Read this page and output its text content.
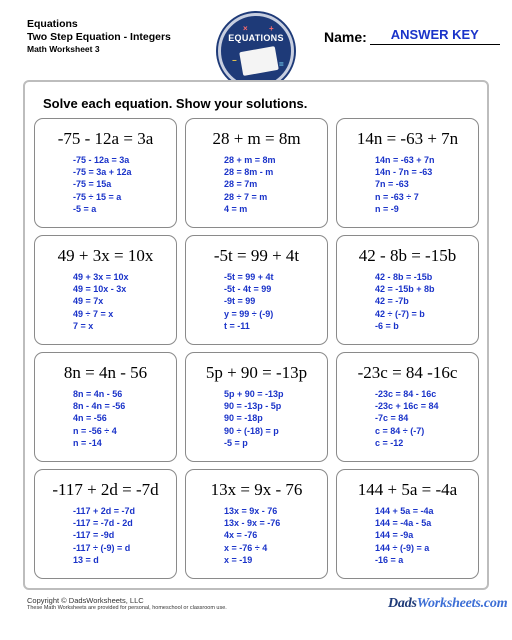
Equations
Two Step Equation - Integers
Math Worksheet 3
EQUATIONS
×	+
−	=
Name:	ANSWER KEY
Solve each equation. Show your solutions.
-75 - 12a = 3a
-75 - 12a = 3a
-75 = 3a + 12a
-75 = 15a
-75 ÷ 15 = a
-5 = a
28 + m = 8m
28 + m = 8m
28 = 8m - m
28 = 7m
28 ÷ 7 = m
4 = m
14n = -63 + 7n
14n = -63 + 7n
14n - 7n = -63
7n = -63
n = -63 ÷ 7
n = -9
49 + 3x = 10x
49 + 3x = 10x
49 = 10x - 3x
49 = 7x
49 ÷ 7 = x
7 = x
-5t = 99 + 4t
-5t = 99 + 4t
-5t - 4t = 99
-9t = 99
y = 99 ÷ (-9)
t = -11
42 - 8b = -15b
42 - 8b = -15b
42 = -15b + 8b
42 = -7b
42 ÷ (-7) = b
-6 = b
8n = 4n - 56
8n = 4n - 56
8n - 4n = -56
4n = -56
n = -56 ÷ 4
n = -14
5p + 90 = -13p
5p + 90 = -13p
90 = -13p - 5p
90 = -18p
90 ÷ (-18) = p
-5 = p
-23c = 84 -16c
-23c = 84 - 16c
-23c + 16c = 84
-7c = 84
c = 84 ÷ (-7)
c = -12
-117 + 2d = -7d
-117 + 2d = -7d
-117 = -7d - 2d
-117 = -9d
-117 ÷ (-9) = d
13 = d
13x = 9x - 76
13x = 9x - 76
13x - 9x = -76
4x = -76
x = -76 ÷ 4
x = -19
144 + 5a = -4a
144 + 5a = -4a
144 = -4a - 5a
144 = -9a
144 ÷ (-9) = a
-16 = a
Copyright © DadsWorksheets, LLC
These Math Worksheets are provided for personal, homeschool or classroom use.	DadsWorksheets.com
